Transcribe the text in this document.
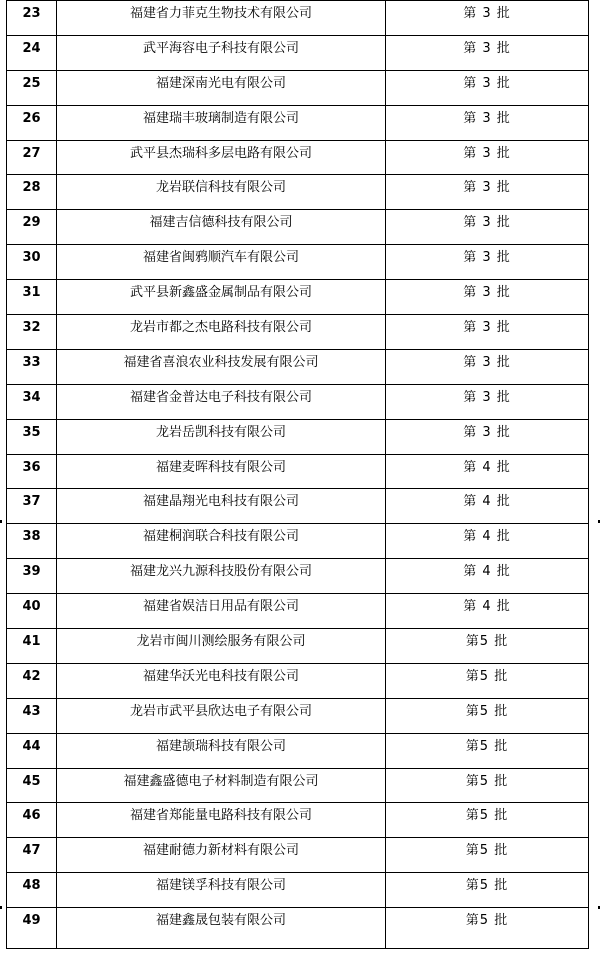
23	福建省力菲克生物技术有限公司	第 3 批
24	武平海容电子科技有限公司	第 3 批
25	福建深南光电有限公司	第 3 批
26	福建瑞丰玻璃制造有限公司	第 3 批
27	武平县杰瑞科多层电路有限公司	第 3 批
28	龙岩联信科技有限公司	第 3 批
29	福建吉信德科技有限公司	第 3 批
30	福建省闽鸦顺汽车有限公司	第 3 批
31	武平县新鑫盛金属制品有限公司	第 3 批
32	龙岩市都之杰电路科技有限公司	第 3 批
33	福建省喜浪农业科技发展有限公司	第 3 批
34	福建省金普达电子科技有限公司	第 3 批
35	龙岩岳凯科技有限公司	第 3 批
36	福建麦晖科技有限公司	第 4 批
37	福建晶翔光电科技有限公司	第 4 批
38	福建桐润联合科技有限公司	第 4 批
39	福建龙兴九源科技股份有限公司	第 4 批
40	福建省娱洁日用品有限公司	第 4 批
41	龙岩市闽川测绘服务有限公司	第5 批
42	福建华沃光电科技有限公司	第5 批
43	龙岩市武平县欣达电子有限公司	第5 批
44	福建颉瑞科技有限公司	第5 批
45	福建鑫盛德电子材料制造有限公司	第5 批
46	福建省郑能量电路科技有限公司	第5 批
47	福建耐德力新材料有限公司	第5 批
48	福建镁孚科技有限公司	第5 批
49	福建鑫晟包装有限公司	第5 批
